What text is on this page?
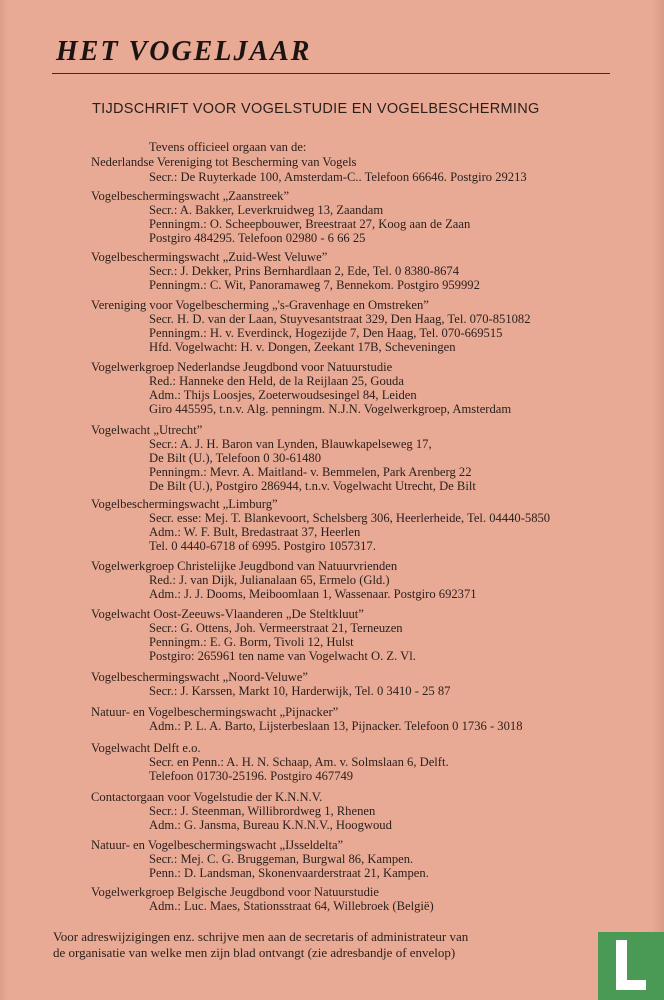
HET VOGELJAAR
TIJDSCHRIFT VOOR VOGELSTUDIE EN VOGELBESCHERMING
Tevens officieel orgaan van de:
Nederlandse Vereniging tot Bescherming van Vogels
Secr.: De Ruyterkade 100, Amsterdam-C.. Telefoon 66646. Postgiro 29213
Vogelbeschermingswacht „Zaanstreek”
Secr.: A. Bakker, Leverkruidweg 13, Zaandam
Penningm.: O. Scheepbouwer, Breestraat 27, Koog aan de Zaan
Postgiro 484295. Telefoon 02980 - 6 66 25
Vogelbeschermingswacht „Zuid-West Veluwe”
Secr.: J. Dekker, Prins Bernhardlaan 2, Ede, Tel. 0 8380-8674
Penningm.: C. Wit, Panoramaweg 7, Bennekom. Postgiro 959992
Vereniging voor Vogelbescherming „'s-Gravenhage en Omstreken”
Secr. H. D. van der Laan, Stuyvesantstraat 329, Den Haag, Tel. 070-851082
Penningm.: H. v. Everdinck, Hogezijde 7, Den Haag, Tel. 070-669515
Hfd. Vogelwacht: H. v. Dongen, Zeekant 17B, Scheveningen
Vogelwerkgroep Nederlandse Jeugdbond voor Natuurstudie
Red.: Hanneke den Held, de la Reijlaan 25, Gouda
Adm.: Thijs Loosjes, Zoeterwoudsesingel 84, Leiden
Giro 445595, t.n.v. Alg. penningm. N.J.N. Vogelwerkgroep, Amsterdam
Vogelwacht „Utrecht”
Secr.: A. J. H. Baron van Lynden, Blauwkapelseweg 17,
De Bilt (U.), Telefoon 0 30-61480
Penningm.: Mevr. A. Maitland- v. Bemmelen, Park Arenberg 22
De Bilt (U.), Postgiro 286944, t.n.v. Vogelwacht Utrecht, De Bilt
Vogelbeschermingswacht „Limburg”
Secr. esse: Mej. T. Blankevoort, Schelsberg 306, Heerlerheide, Tel. 04440-5850
Adm.: W. F. Bult, Bredastraat 37, Heerlen
Tel. 0 4440-6718 of 6995. Postgiro 1057317.
Vogelwerkgroep Christelijke Jeugdbond van Natuurvrienden
Red.: J. van Dijk, Julianalaan 65, Ermelo (Gld.)
Adm.: J. J. Dooms, Meiboomlaan 1, Wassenaar. Postgiro 692371
Vogelwacht Oost-Zeeuws-Vlaanderen „De Steltkluut”
Secr.: G. Ottens, Joh. Vermeerstraat 21, Terneuzen
Penningm.: E. G. Borm, Tivoli 12, Hulst
Postgiro: 265961 ten name van Vogelwacht O. Z. Vl.
Vogelbeschermingswacht „Noord-Veluwe”
Secr.: J. Karssen, Markt 10, Harderwijk, Tel. 0 3410 - 25 87
Natuur- en Vogelbeschermingswacht „Pijnacker”
Adm.: P. L. A. Barto, Lijsterbeslaan 13, Pijnacker. Telefoon 0 1736 - 3018
Vogelwacht Delft e.o.
Secr. en Penn.: A. H. N. Schaap, Am. v. Solmslaan 6, Delft.
Telefoon 01730-25196. Postgiro 467749
Contactorgaan voor Vogelstudie der K.N.N.V.
Secr.: J. Steenman, Willibrordweg 1, Rhenen
Adm.: G. Jansma, Bureau K.N.N.V., Hoogwoud
Natuur- en Vogelbeschermingswacht „IJsseldelta”
Secr.: Mej. C. G. Bruggeman, Burgwal 86, Kampen.
Penn.: D. Landsman, Skonenvaarderstraat 21, Kampen.
Vogelwerkgroep Belgische Jeugdbond voor Natuurstudie
Adm.: Luc. Maes, Stationsstraat 64, Willebroek (België)
Voor adreswijzigingen enz. schrijve men aan de secretaris of administrateur van
de organisatie van welke men zijn blad ontvangt (zie adresbandje of envelop)
